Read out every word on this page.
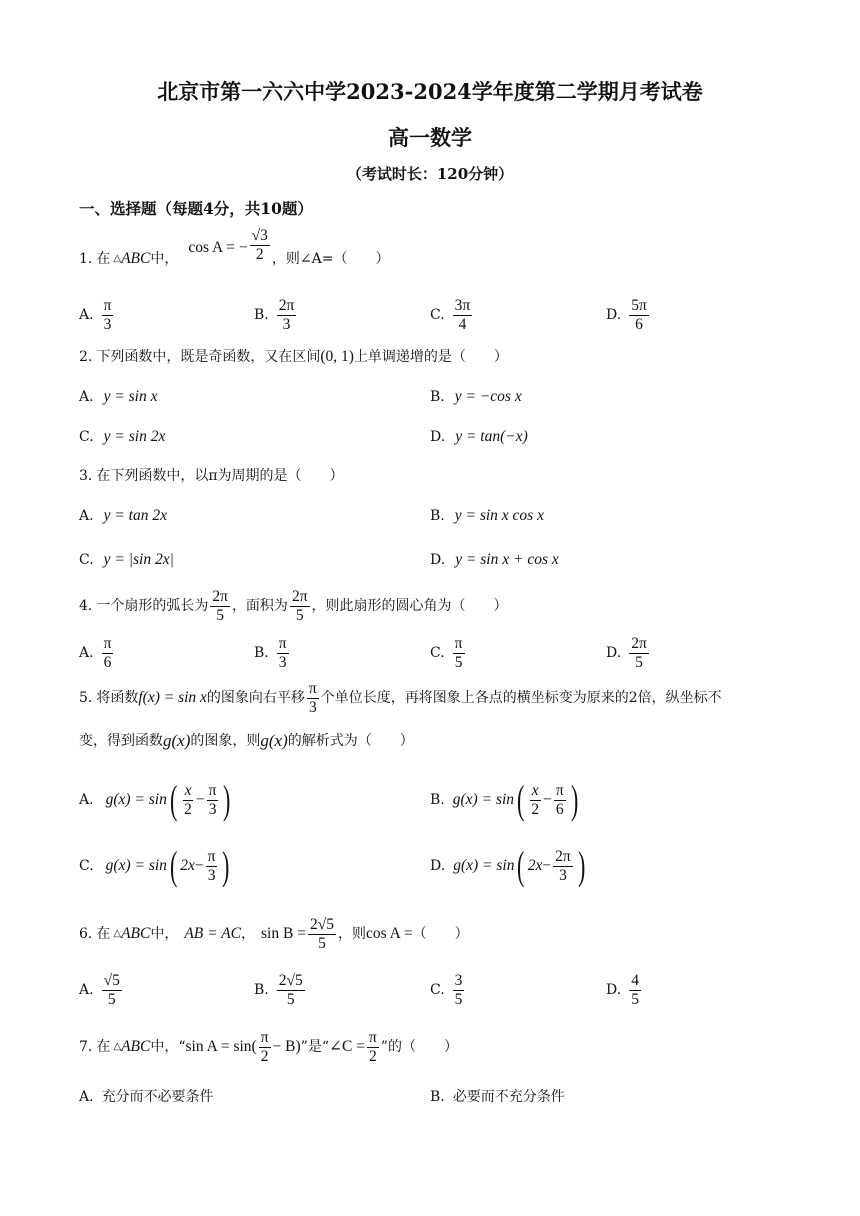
北京市第一六六中学2023-2024学年度第二学期月考试卷
高一数学
（考试时长：120分钟）
一、选择题（每题4分，共10题）
1. 在 △ ABC 中，
cos A = − $\frac{√3}{2}$ ，则∠A=（　　）
A. $\frac{\pi}{3}$	B. $\frac{2\pi}{3}$	C. $\frac{3\pi}{4}$	D. $\frac{5\pi}{6}$
2. 下列函数中，既是奇函数，又在区间 (0, 1) 上单调递增的是（　　）
A. y = sin x	B. y = −cos x
C. y = sin 2x	D. y = tan(−x)
3. 在下列函数中，以π为周期的是（　　）
A. y = tan 2x	B. y = sin x cos x
C. y = |sin 2x|	D. y = sin x + cos x
4. 一个扇形的弧长为 $\frac{2\pi}{5}$ ，面积为 $\frac{2\pi}{5}$ ，则此扇形的圆心角为（　　）
A. $\frac{\pi}{6}$	B. $\frac{\pi}{3}$	C. $\frac{\pi}{5}$	D. $\frac{2\pi}{5}$
5. 将函数 f(x) = sin x 的图象向右平移 $\frac{\pi}{3}$ 个单位长度，再将图象上各点的横坐标变为原来的2倍，纵坐标不
变，得到函数 g(x) 的图象，则 g(x) 的解析式为（　　）
A. g(x) = sin ( $\frac{x}{2} - \frac{\pi}{3}$ )	B. g(x) = sin ( $\frac{x}{2} - \frac{\pi}{6}$ )
C. g(x) = sin ( $2x - \frac{\pi}{3}$ )	D. g(x) = sin ( $2x - \frac{2\pi}{3}$ )
6. 在 △ ABC 中， AB = AC ， $\sin B = \frac{2√5}{5}$ ，则 cos A = （　　）
A. $\frac{√5}{5}$	B. $\frac{2√5}{5}$	C. $\frac{3}{5}$	D. $\frac{4}{5}$
7. 在 △ ABC 中，“ $\sin A = \sin( \frac{\pi}{2} - B)$ ”是“ ∠C = $\frac{\pi}{2}$ ”的（　　）
A. 充分而不必要条件	B. 必要而不充分条件
